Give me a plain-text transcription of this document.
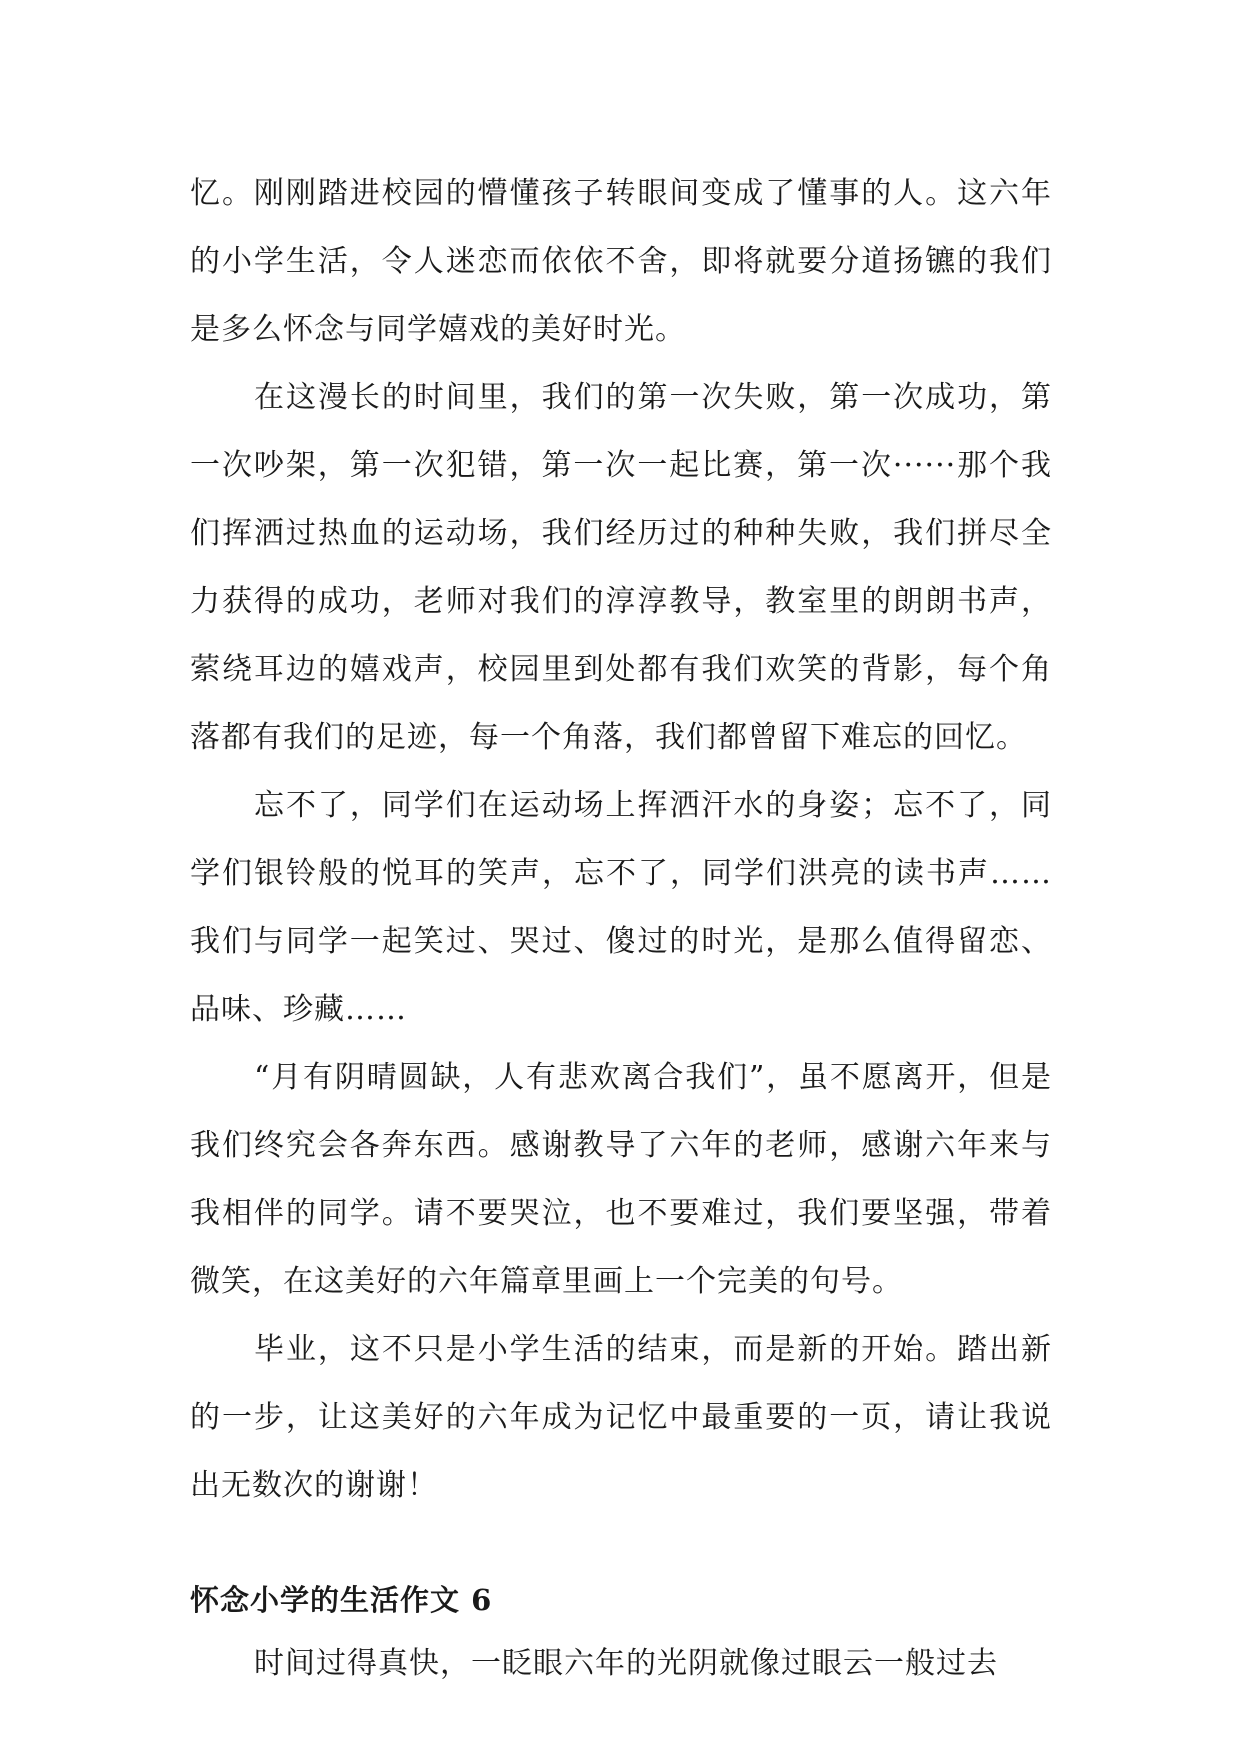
忆。刚刚踏进校园的懵懂孩子转眼间变成了懂事的人。这六年的小学生活，令人迷恋而依依不舍，即将就要分道扬镳的我们是多么怀念与同学嬉戏的美好时光。

在这漫长的时间里，我们的第一次失败，第一次成功，第一次吵架，第一次犯错，第一次一起比赛，第一次······那个我们挥洒过热血的运动场，我们经历过的种种失败，我们拼尽全力获得的成功，老师对我们的淳淳教导，教室里的朗朗书声，萦绕耳边的嬉戏声，校园里到处都有我们欢笑的背影，每个角落都有我们的足迹，每一个角落，我们都曾留下难忘的回忆。

忘不了，同学们在运动场上挥洒汗水的身姿；忘不了，同学们银铃般的悦耳的笑声，忘不了，同学们洪亮的读书声……我们与同学一起笑过、哭过、傻过的时光，是那么值得留恋、品味、珍藏……

“月有阴晴圆缺，人有悲欢离合我们”，虽不愿离开，但是我们终究会各奔东西。感谢教导了六年的老师，感谢六年来与我相伴的同学。请不要哭泣，也不要难过，我们要坚强，带着微笑，在这美好的六年篇章里画上一个完美的句号。

毕业，这不只是小学生活的结束，而是新的开始。踏出新的一步，让这美好的六年成为记忆中最重要的一页，请让我说出无数次的谢谢！

怀念小学的生活作文 6

时间过得真快，一眨眼六年的光阴就像过眼云一般过去
